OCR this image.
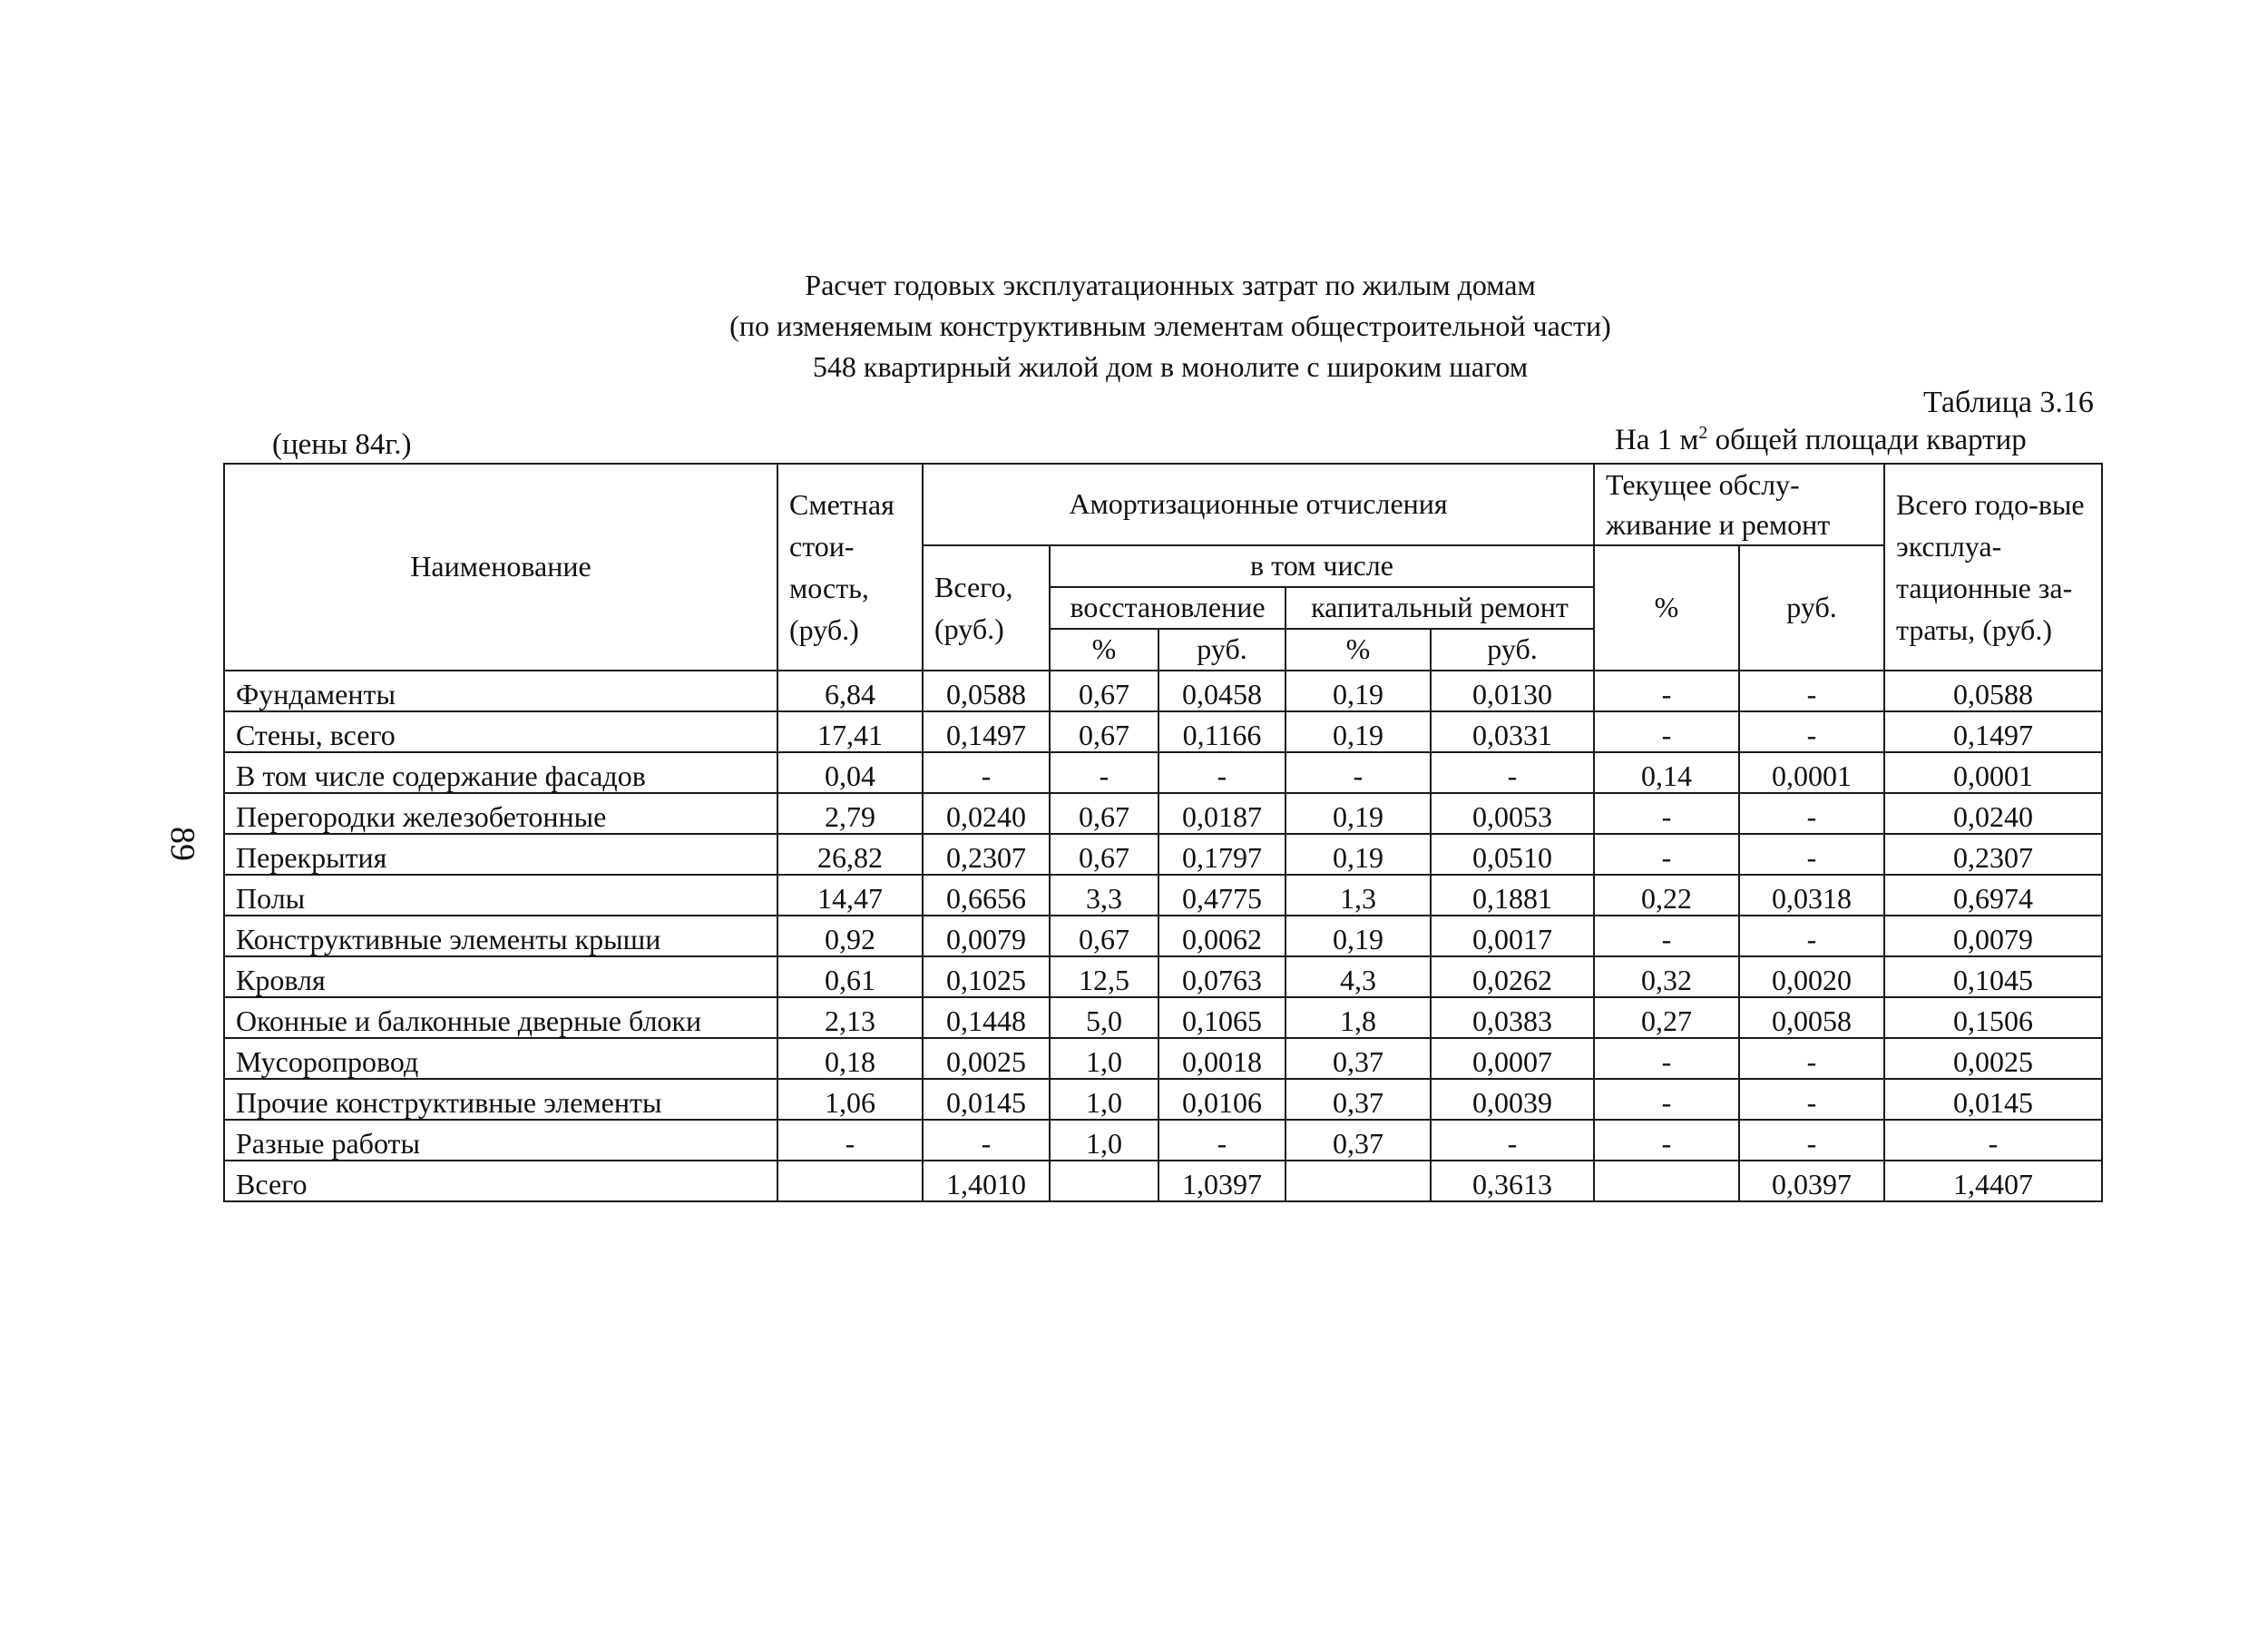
Расчет годовых эксплуатационных затрат по жилым домам
(по изменяемым конструктивным элементам общестроительной части)
548 квартирный жилой дом в монолите с широким шагом
Таблица 3.16
(цены 84г.)	На 1 $м^2$ общей площади квартир
89
Наименование	Сметная стои-мость, (руб.)	Амортизационные отчисления					Текущее обслу-живание и ремонт		Всего годо-вые эксплуа-тационные за-траты, (руб.)
		Всего, (руб.)	в том числе				%	руб.	
			восстановление		капитальный ремонт				
			%	руб.	%	руб.			
Фундаменты	6,84	0,0588	0,67	0,0458	0,19	0,0130	-	-	0,0588
Стены, всего	17,41	0,1497	0,67	0,1166	0,19	0,0331	-	-	0,1497
В том числе содержание фасадов	0,04	-	-	-	-	-	0,14	0,0001	0,0001
Перегородки железобетонные	2,79	0,0240	0,67	0,0187	0,19	0,0053	-	-	0,0240
Перекрытия	26,82	0,2307	0,67	0,1797	0,19	0,0510	-	-	0,2307
Полы	14,47	0,6656	3,3	0,4775	1,3	0,1881	0,22	0,0318	0,6974
Конструктивные элементы крыши	0,92	0,0079	0,67	0,0062	0,19	0,0017	-	-	0,0079
Кровля	0,61	0,1025	12,5	0,0763	4,3	0,0262	0,32	0,0020	0,1045
Оконные и балконные дверные блоки	2,13	0,1448	5,0	0,1065	1,8	0,0383	0,27	0,0058	0,1506
Мусоропровод	0,18	0,0025	1,0	0,0018	0,37	0,0007	-	-	0,0025
Прочие конструктивные элементы	1,06	0,0145	1,0	0,0106	0,37	0,0039	-	-	0,0145
Разные работы	-	-	1,0	-	0,37	-	-	-	-
Всего		1,4010		1,0397		0,3613		0,0397	1,4407
